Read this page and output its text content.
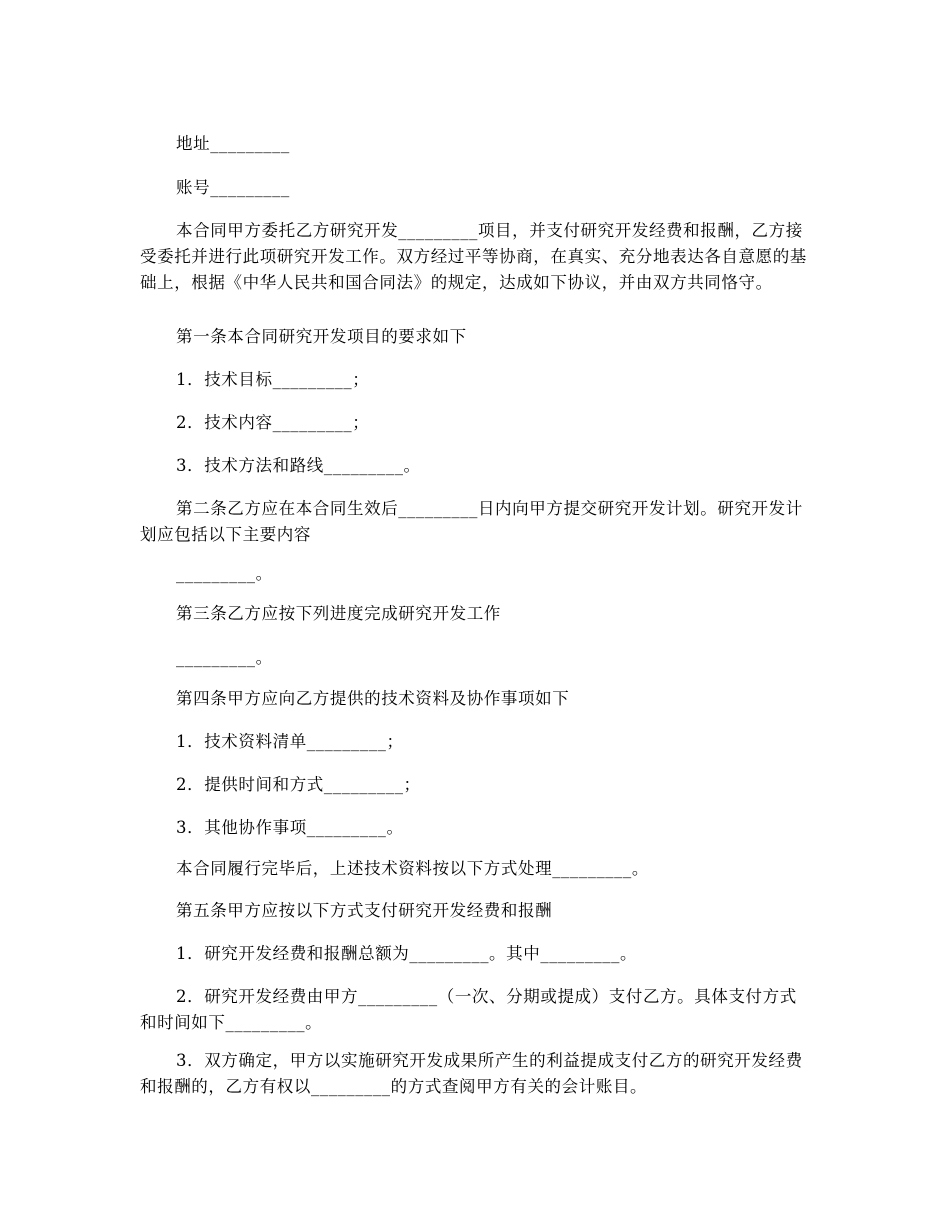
地址_________

账号_________

本合同甲方委托乙方研究开发_________项目，并支付研究开发经费和报酬，乙方接受委托并进行此项研究开发工作。双方经过平等协商，在真实、充分地表达各自意愿的基础上，根据《中华人民共和国合同法》的规定，达成如下协议，并由双方共同恪守。

第一条本合同研究开发项目的要求如下

1．技术目标_________；

2．技术内容_________；

3．技术方法和路线_________。

第二条乙方应在本合同生效后_________日内向甲方提交研究开发计划。研究开发计划应包括以下主要内容

_________。

第三条乙方应按下列进度完成研究开发工作

_________。

第四条甲方应向乙方提供的技术资料及协作事项如下

1．技术资料清单_________；

2．提供时间和方式_________；

3．其他协作事项_________。

本合同履行完毕后，上述技术资料按以下方式处理_________。

第五条甲方应按以下方式支付研究开发经费和报酬

1．研究开发经费和报酬总额为_________。其中_________。

2．研究开发经费由甲方_________（一次、分期或提成）支付乙方。具体支付方式和时间如下_________。

3．双方确定，甲方以实施研究开发成果所产生的利益提成支付乙方的研究开发经费和报酬的，乙方有权以_________的方式查阅甲方有关的会计账目。
